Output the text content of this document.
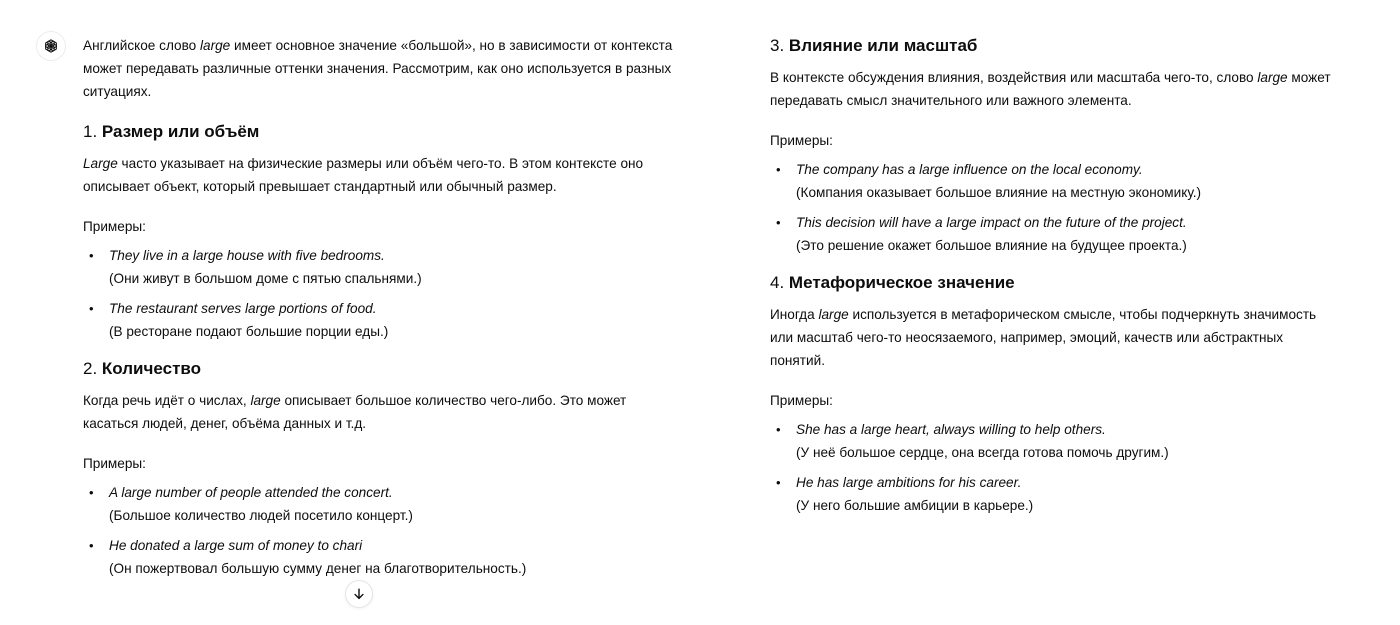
Английское слово large имеет основное значение «большой», но в зависимости от контекста может передавать различные оттенки значения. Рассмотрим, как оно используется в разных ситуациях.

1. Размер или объём

Large часто указывает на физические размеры или объём чего-то. В этом контексте оно описывает объект, который превышает стандартный или обычный размер.

Примеры:

• They live in a large house with five bedrooms.
(Они живут в большом доме с пятью спальнями.)
• The restaurant serves large portions of food.
(В ресторане подают большие порции еды.)
2. Количество

Когда речь идёт о числах, large описывает большое количество чего-либо. Это может касаться людей, денег, объёма данных и т.д.

Примеры:

• A large number of people attended the concert.
(Большое количество людей посетило концерт.)
• He donated a large sum of money to chari
(Он пожертвовал большую сумму денег на благотворительность.)
3. Влияние или масштаб

В контексте обсуждения влияния, воздействия или масштаба чего-то, слово large может передавать смысл значительного или важного элемента.

Примеры:

• The company has a large influence on the local economy.
(Компания оказывает большое влияние на местную экономику.)
• This decision will have a large impact on the future of the project.
(Это решение окажет большое влияние на будущее проекта.)
4. Метафорическое значение

Иногда large используется в метафорическом смысле, чтобы подчеркнуть значимость или масштаб чего-то неосязаемого, например, эмоций, качеств или абстрактных понятий.

Примеры:

• She has a large heart, always willing to help others.
(У неё большое сердце, она всегда готова помочь другим.)
• He has large ambitions for his career.
(У него большие амбиции в карьере.)
